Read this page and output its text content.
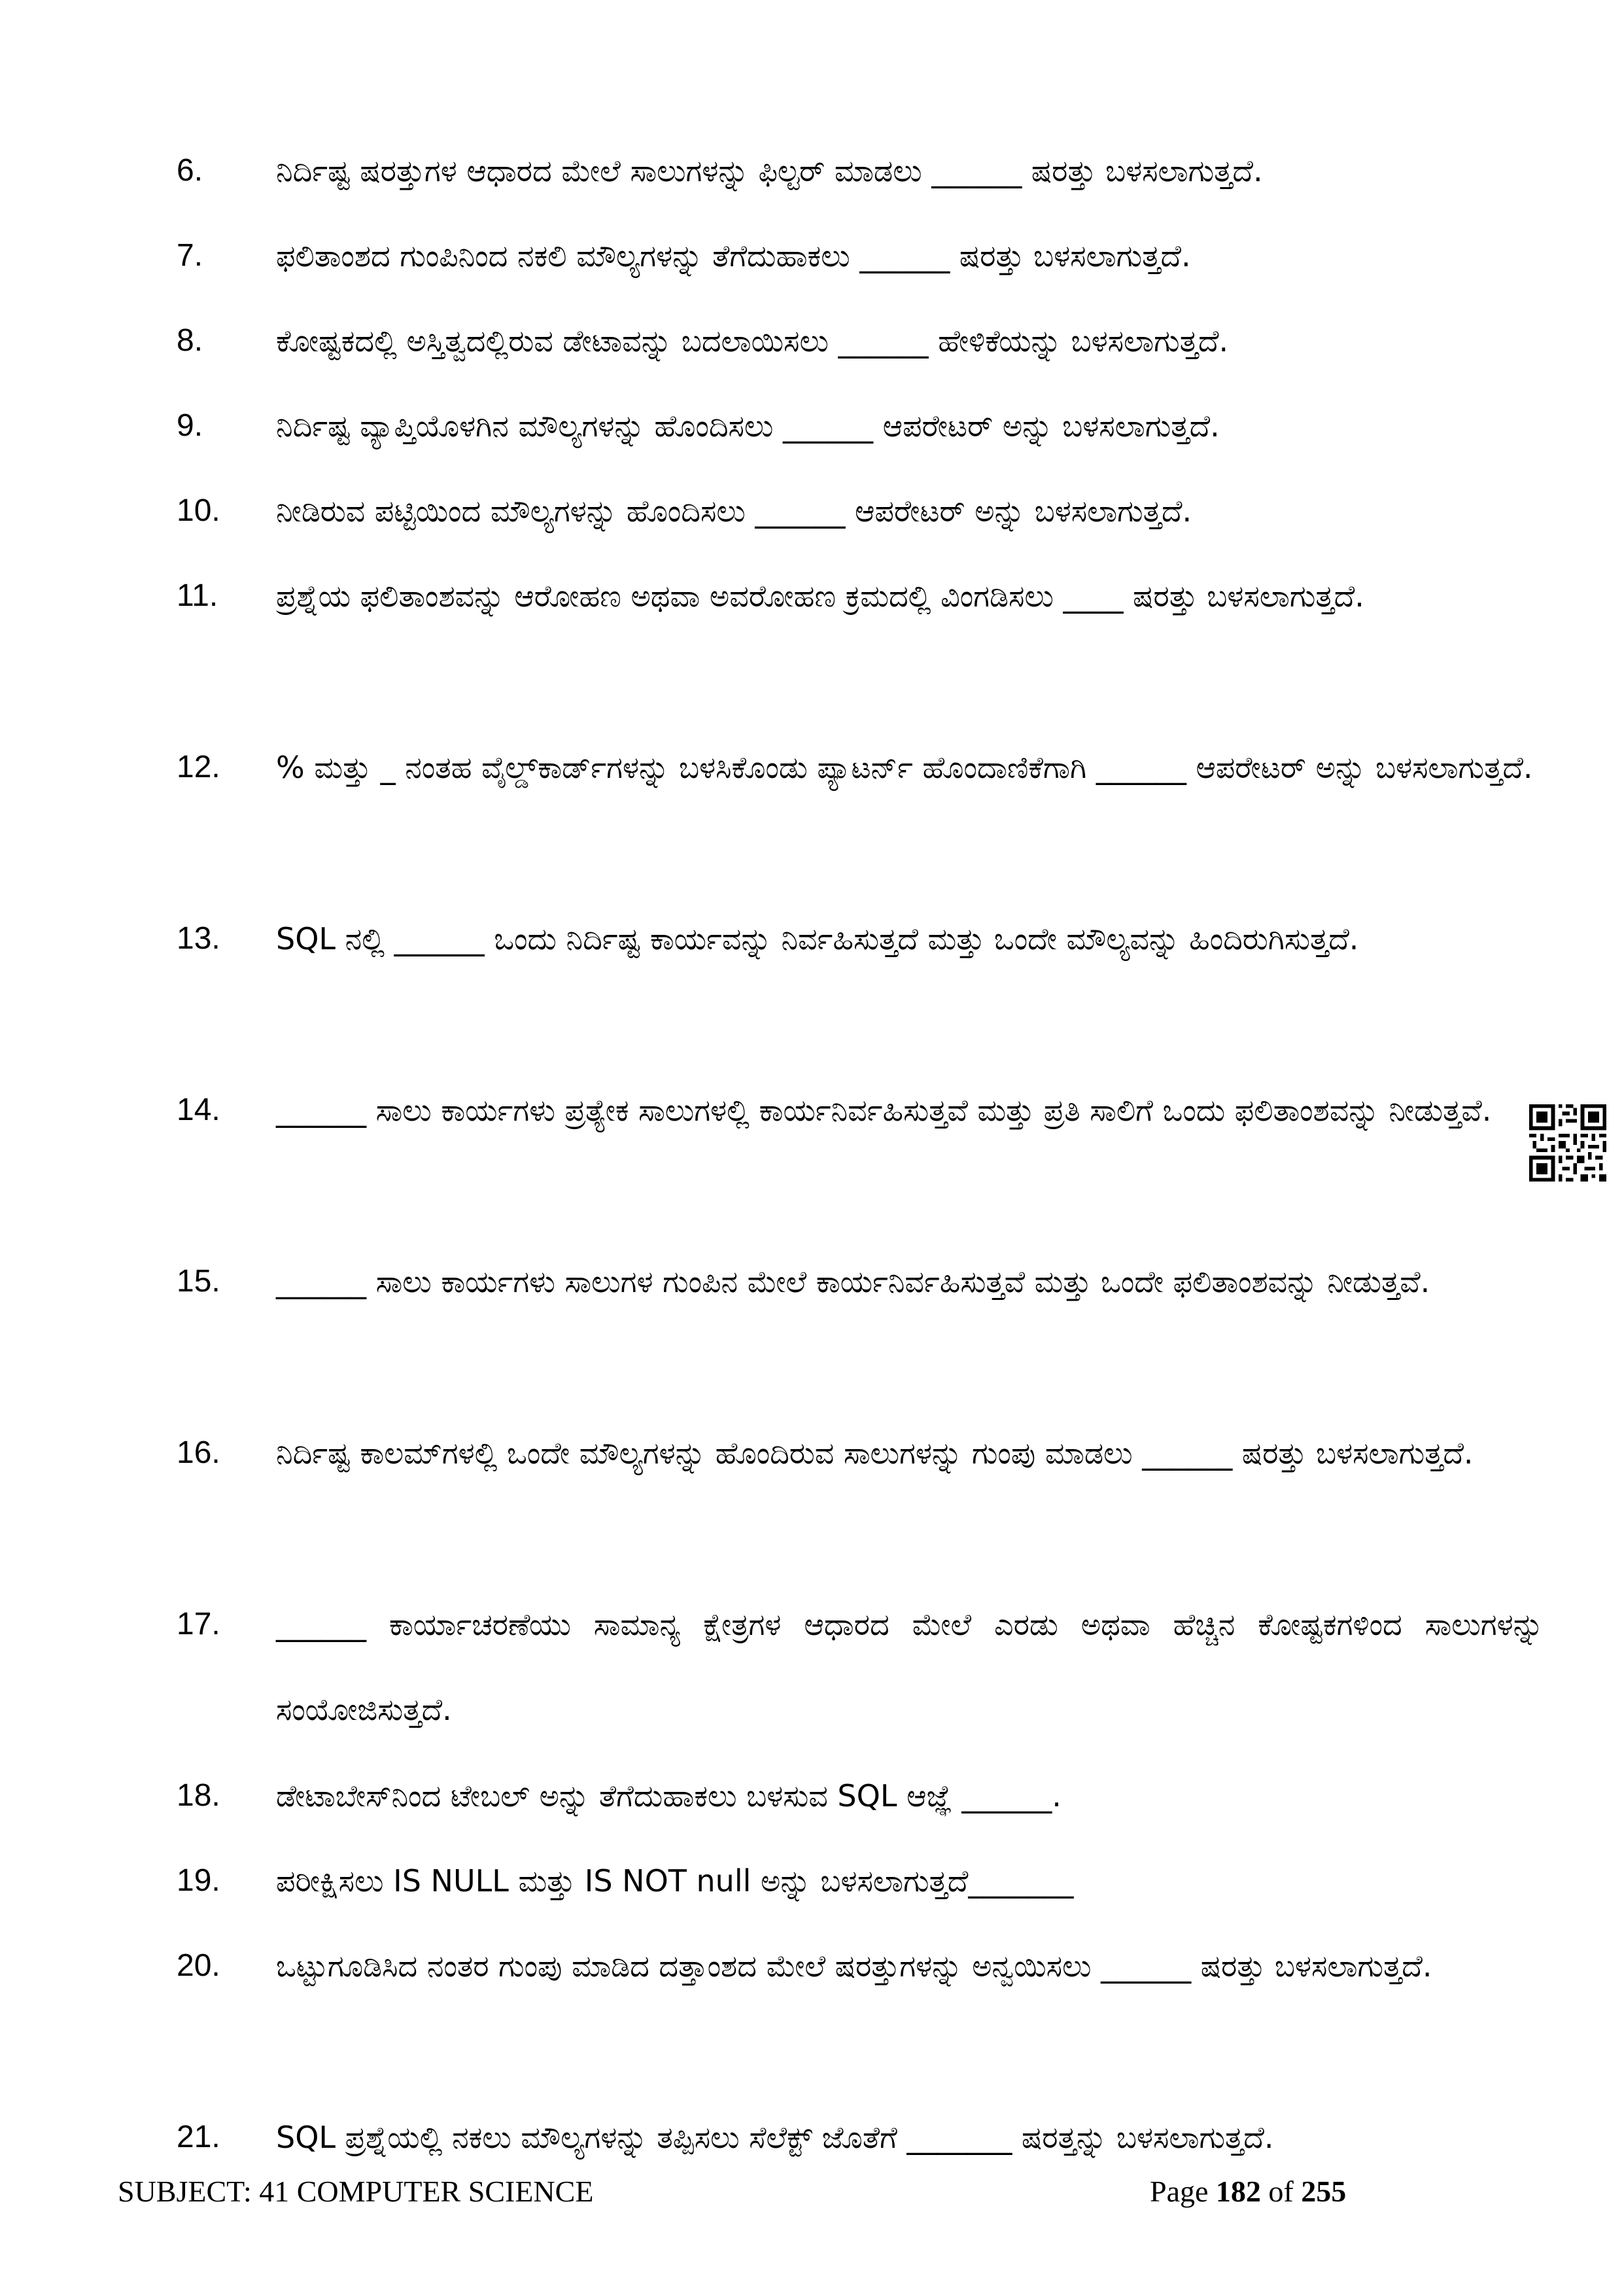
6.	ನಿರ್ದಿಷ್ಟ ಷರತ್ತುಗಳ ಆಧಾರದ ಮೇಲೆ ಸಾಲುಗಳನ್ನು ಫಿಲ್ಟರ್ ಮಾಡಲು ______ ಷರತ್ತು ಬಳಸಲಾಗುತ್ತದೆ.
7.	ಫಲಿತಾಂಶದ ಗುಂಪಿನಿಂದ ನಕಲಿ ಮೌಲ್ಯಗಳನ್ನು ತೆಗೆದುಹಾಕಲು ______ ಷರತ್ತು ಬಳಸಲಾಗುತ್ತದೆ.
8.	ಕೋಷ್ಟಕದಲ್ಲಿ ಅಸ್ತಿತ್ವದಲ್ಲಿರುವ ಡೇಟಾವನ್ನು ಬದಲಾಯಿಸಲು ______ ಹೇಳಿಕೆಯನ್ನು ಬಳಸಲಾಗುತ್ತದೆ.
9.	ನಿರ್ದಿಷ್ಟ ವ್ಯಾಪ್ತಿಯೊಳಗಿನ ಮೌಲ್ಯಗಳನ್ನು ಹೊಂದಿಸಲು ______ ಆಪರೇಟರ್ ಅನ್ನು ಬಳಸಲಾಗುತ್ತದೆ.
10.	ನೀಡಿರುವ ಪಟ್ಟಿಯಿಂದ ಮೌಲ್ಯಗಳನ್ನು ಹೊಂದಿಸಲು ______ ಆಪರೇಟರ್ ಅನ್ನು ಬಳಸಲಾಗುತ್ತದೆ.
11.	ಪ್ರಶ್ನೆಯ ಫಲಿತಾಂಶವನ್ನು ಆರೋಹಣ ಅಥವಾ ಅವರೋಹಣ ಕ್ರಮದಲ್ಲಿ ವಿಂಗಡಿಸಲು ____ ಷರತ್ತು ಬಳಸಲಾಗುತ್ತದೆ.
12.	% ಮತ್ತು _ ನಂತಹ ವೈಲ್ಡ್‌ಕಾರ್ಡ್‌ಗಳನ್ನು ಬಳಸಿಕೊಂಡು ಪ್ಯಾಟರ್ನ್ ಹೊಂದಾಣಿಕೆಗಾಗಿ ______ ಆಪರೇಟರ್ ಅನ್ನು ಬಳಸಲಾಗುತ್ತದೆ.
13.	SQL ನಲ್ಲಿ ______ ಒಂದು ನಿರ್ದಿಷ್ಟ ಕಾರ್ಯವನ್ನು ನಿರ್ವಹಿಸುತ್ತದೆ ಮತ್ತು ಒಂದೇ ಮೌಲ್ಯವನ್ನು ಹಿಂದಿರುಗಿಸುತ್ತದೆ.
14.	______ ಸಾಲು ಕಾರ್ಯಗಳು ಪ್ರತ್ಯೇಕ ಸಾಲುಗಳಲ್ಲಿ ಕಾರ್ಯನಿರ್ವಹಿಸುತ್ತವೆ ಮತ್ತು ಪ್ರತಿ ಸಾಲಿಗೆ ಒಂದು ಫಲಿತಾಂಶವನ್ನು ನೀಡುತ್ತವೆ.
15.	______ ಸಾಲು ಕಾರ್ಯಗಳು ಸಾಲುಗಳ ಗುಂಪಿನ ಮೇಲೆ ಕಾರ್ಯನಿರ್ವಹಿಸುತ್ತವೆ ಮತ್ತು ಒಂದೇ ಫಲಿತಾಂಶವನ್ನು ನೀಡುತ್ತವೆ.
16.	ನಿರ್ದಿಷ್ಟ ಕಾಲಮ್‌ಗಳಲ್ಲಿ ಒಂದೇ ಮೌಲ್ಯಗಳನ್ನು ಹೊಂದಿರುವ ಸಾಲುಗಳನ್ನು ಗುಂಪು ಮಾಡಲು ______ ಷರತ್ತು ಬಳಸಲಾಗುತ್ತದೆ.
17.	______ ಕಾರ್ಯಾಚರಣೆಯು ಸಾಮಾನ್ಯ ಕ್ಷೇತ್ರಗಳ ಆಧಾರದ ಮೇಲೆ ಎರಡು ಅಥವಾ ಹೆಚ್ಚಿನ ಕೋಷ್ಟಕಗಳಿಂದ ಸಾಲುಗಳನ್ನು ಸಂಯೋಜಿಸುತ್ತದೆ.
18.	ಡೇಟಾಬೇಸ್‌ನಿಂದ ಟೇಬಲ್ ಅನ್ನು ತೆಗೆದುಹಾಕಲು ಬಳಸುವ SQL ಆಜ್ಞೆ ______.
19.	ಪರೀಕ್ಷಿಸಲು IS NULL ಮತ್ತು IS NOT null ಅನ್ನು ಬಳಸಲಾಗುತ್ತದೆ_______
20.	ಒಟ್ಟುಗೂಡಿಸಿದ ನಂತರ ಗುಂಪು ಮಾಡಿದ ದತ್ತಾಂಶದ ಮೇಲೆ ಷರತ್ತುಗಳನ್ನು ಅನ್ವಯಿಸಲು ______ ಷರತ್ತು ಬಳಸಲಾಗುತ್ತದೆ.
21.	SQL ಪ್ರಶ್ನೆಯಲ್ಲಿ ನಕಲು ಮೌಲ್ಯಗಳನ್ನು ತಪ್ಪಿಸಲು ಸೆಲೆಕ್ಟ್ ಜೊತೆಗೆ _______ ಷರತ್ತನ್ನು ಬಳಸಲಾಗುತ್ತದೆ.
SUBJECT: 41 COMPUTER SCIENCE	Page 182 of 255
